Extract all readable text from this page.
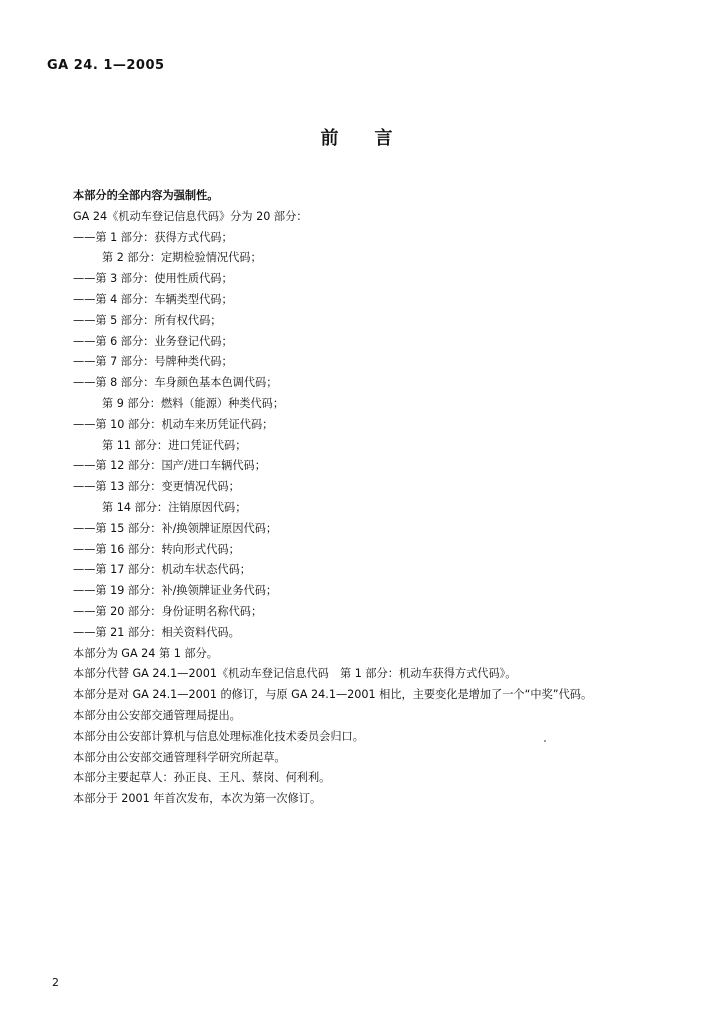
GA 24. 1—2005
前　　言
本部分的全部内容为强制性。
GA 24《机动车登记信息代码》分为 20 部分：
——第 1 部分：获得方式代码；
第 2 部分：定期检验情况代码；
——第 3 部分：使用性质代码；
——第 4 部分：车辆类型代码；
——第 5 部分：所有权代码；
——第 6 部分：业务登记代码；
——第 7 部分：号牌种类代码；
——第 8 部分：车身颜色基本色调代码；
第 9 部分：燃料（能源）种类代码；
——第 10 部分：机动车来历凭证代码；
第 11 部分：进口凭证代码；
——第 12 部分：国产/进口车辆代码；
——第 13 部分：变更情况代码；
第 14 部分：注销原因代码；
——第 15 部分：补/换领牌证原因代码；
——第 16 部分：转向形式代码；
——第 17 部分：机动车状态代码；
——第 19 部分：补/换领牌证业务代码；
——第 20 部分：身份证明名称代码；
——第 21 部分：相关资料代码。
本部分为 GA 24 第 1 部分。
本部分代替 GA 24.1—2001《机动车登记信息代码　第 1 部分：机动车获得方式代码》。
本部分是对 GA 24.1—2001 的修订，与原 GA 24.1—2001 相比，主要变化是增加了一个“中奖”代码。
本部分由公安部交通管理局提出。
本部分由公安部计算机与信息处理标准化技术委员会归口。
本部分由公安部交通管理科学研究所起草。
本部分主要起草人：孙正良、王凡、蔡岗、何利利。
本部分于 2001 年首次发布，本次为第一次修订。
2
